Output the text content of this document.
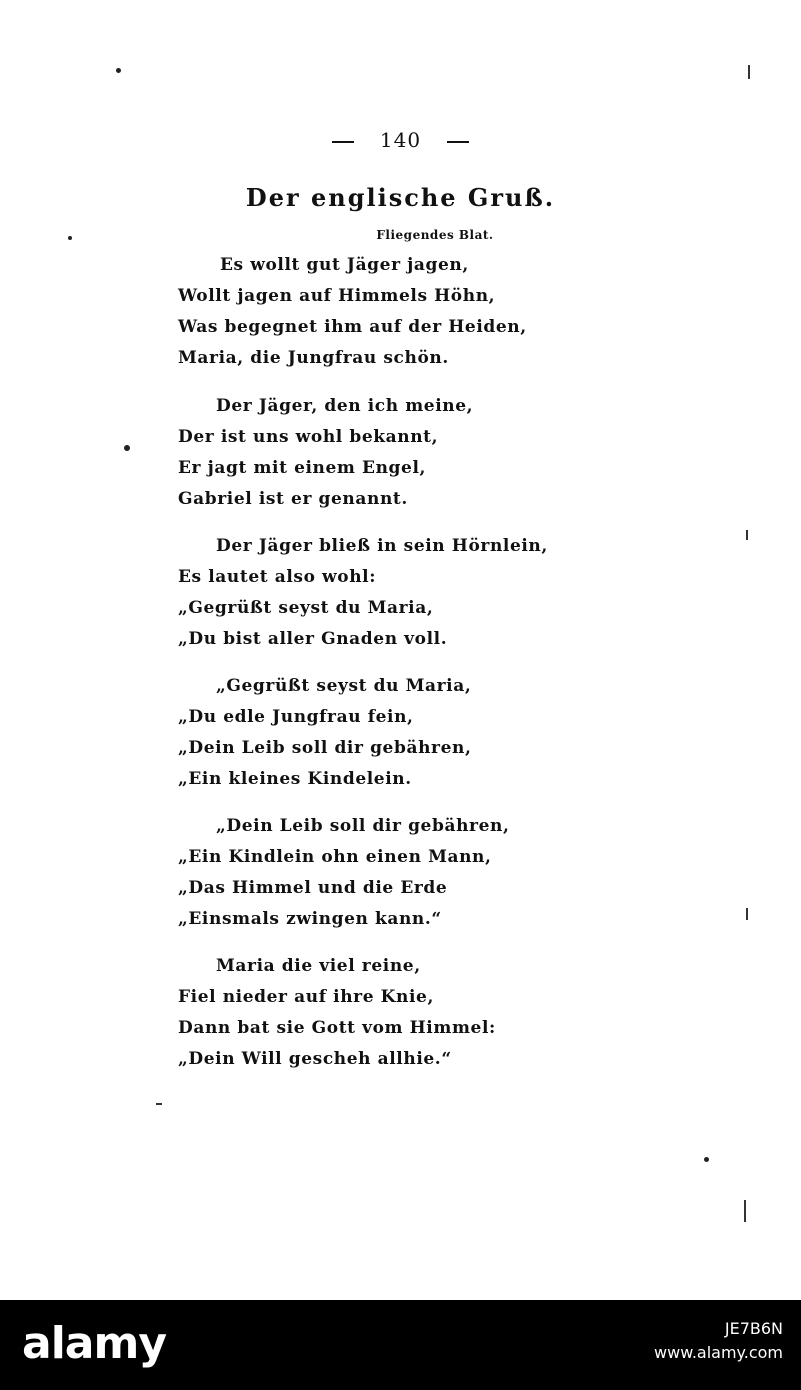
140
Der englische Gruß.
Fliegendes Blat.
Es wollt gut Jäger jagen,
Wollt jagen auf Himmels Höhn,
Was begegnet ihm auf der Heiden,
Maria, die Jungfrau schön.
Der Jäger, den ich meine,
Der ist uns wohl bekannt,
Er jagt mit einem Engel,
Gabriel ist er genannt.
Der Jäger bließ in sein Hörnlein,
Es lautet also wohl:
„Gegrüßt seyst du Maria,
„Du bist aller Gnaden voll.
„Gegrüßt seyst du Maria,
„Du edle Jungfrau fein,
„Dein Leib soll dir gebähren,
„Ein kleines Kindelein.
„Dein Leib soll dir gebähren,
„Ein Kindlein ohn einen Mann,
„Das Himmel und die Erde
„Einsmals zwingen kann.“
Maria die viel reine,
Fiel nieder auf ihre Knie,
Dann bat sie Gott vom Himmel:
„Dein Will gescheh allhie.“
alamy	JE7B6N
www.alamy.com
